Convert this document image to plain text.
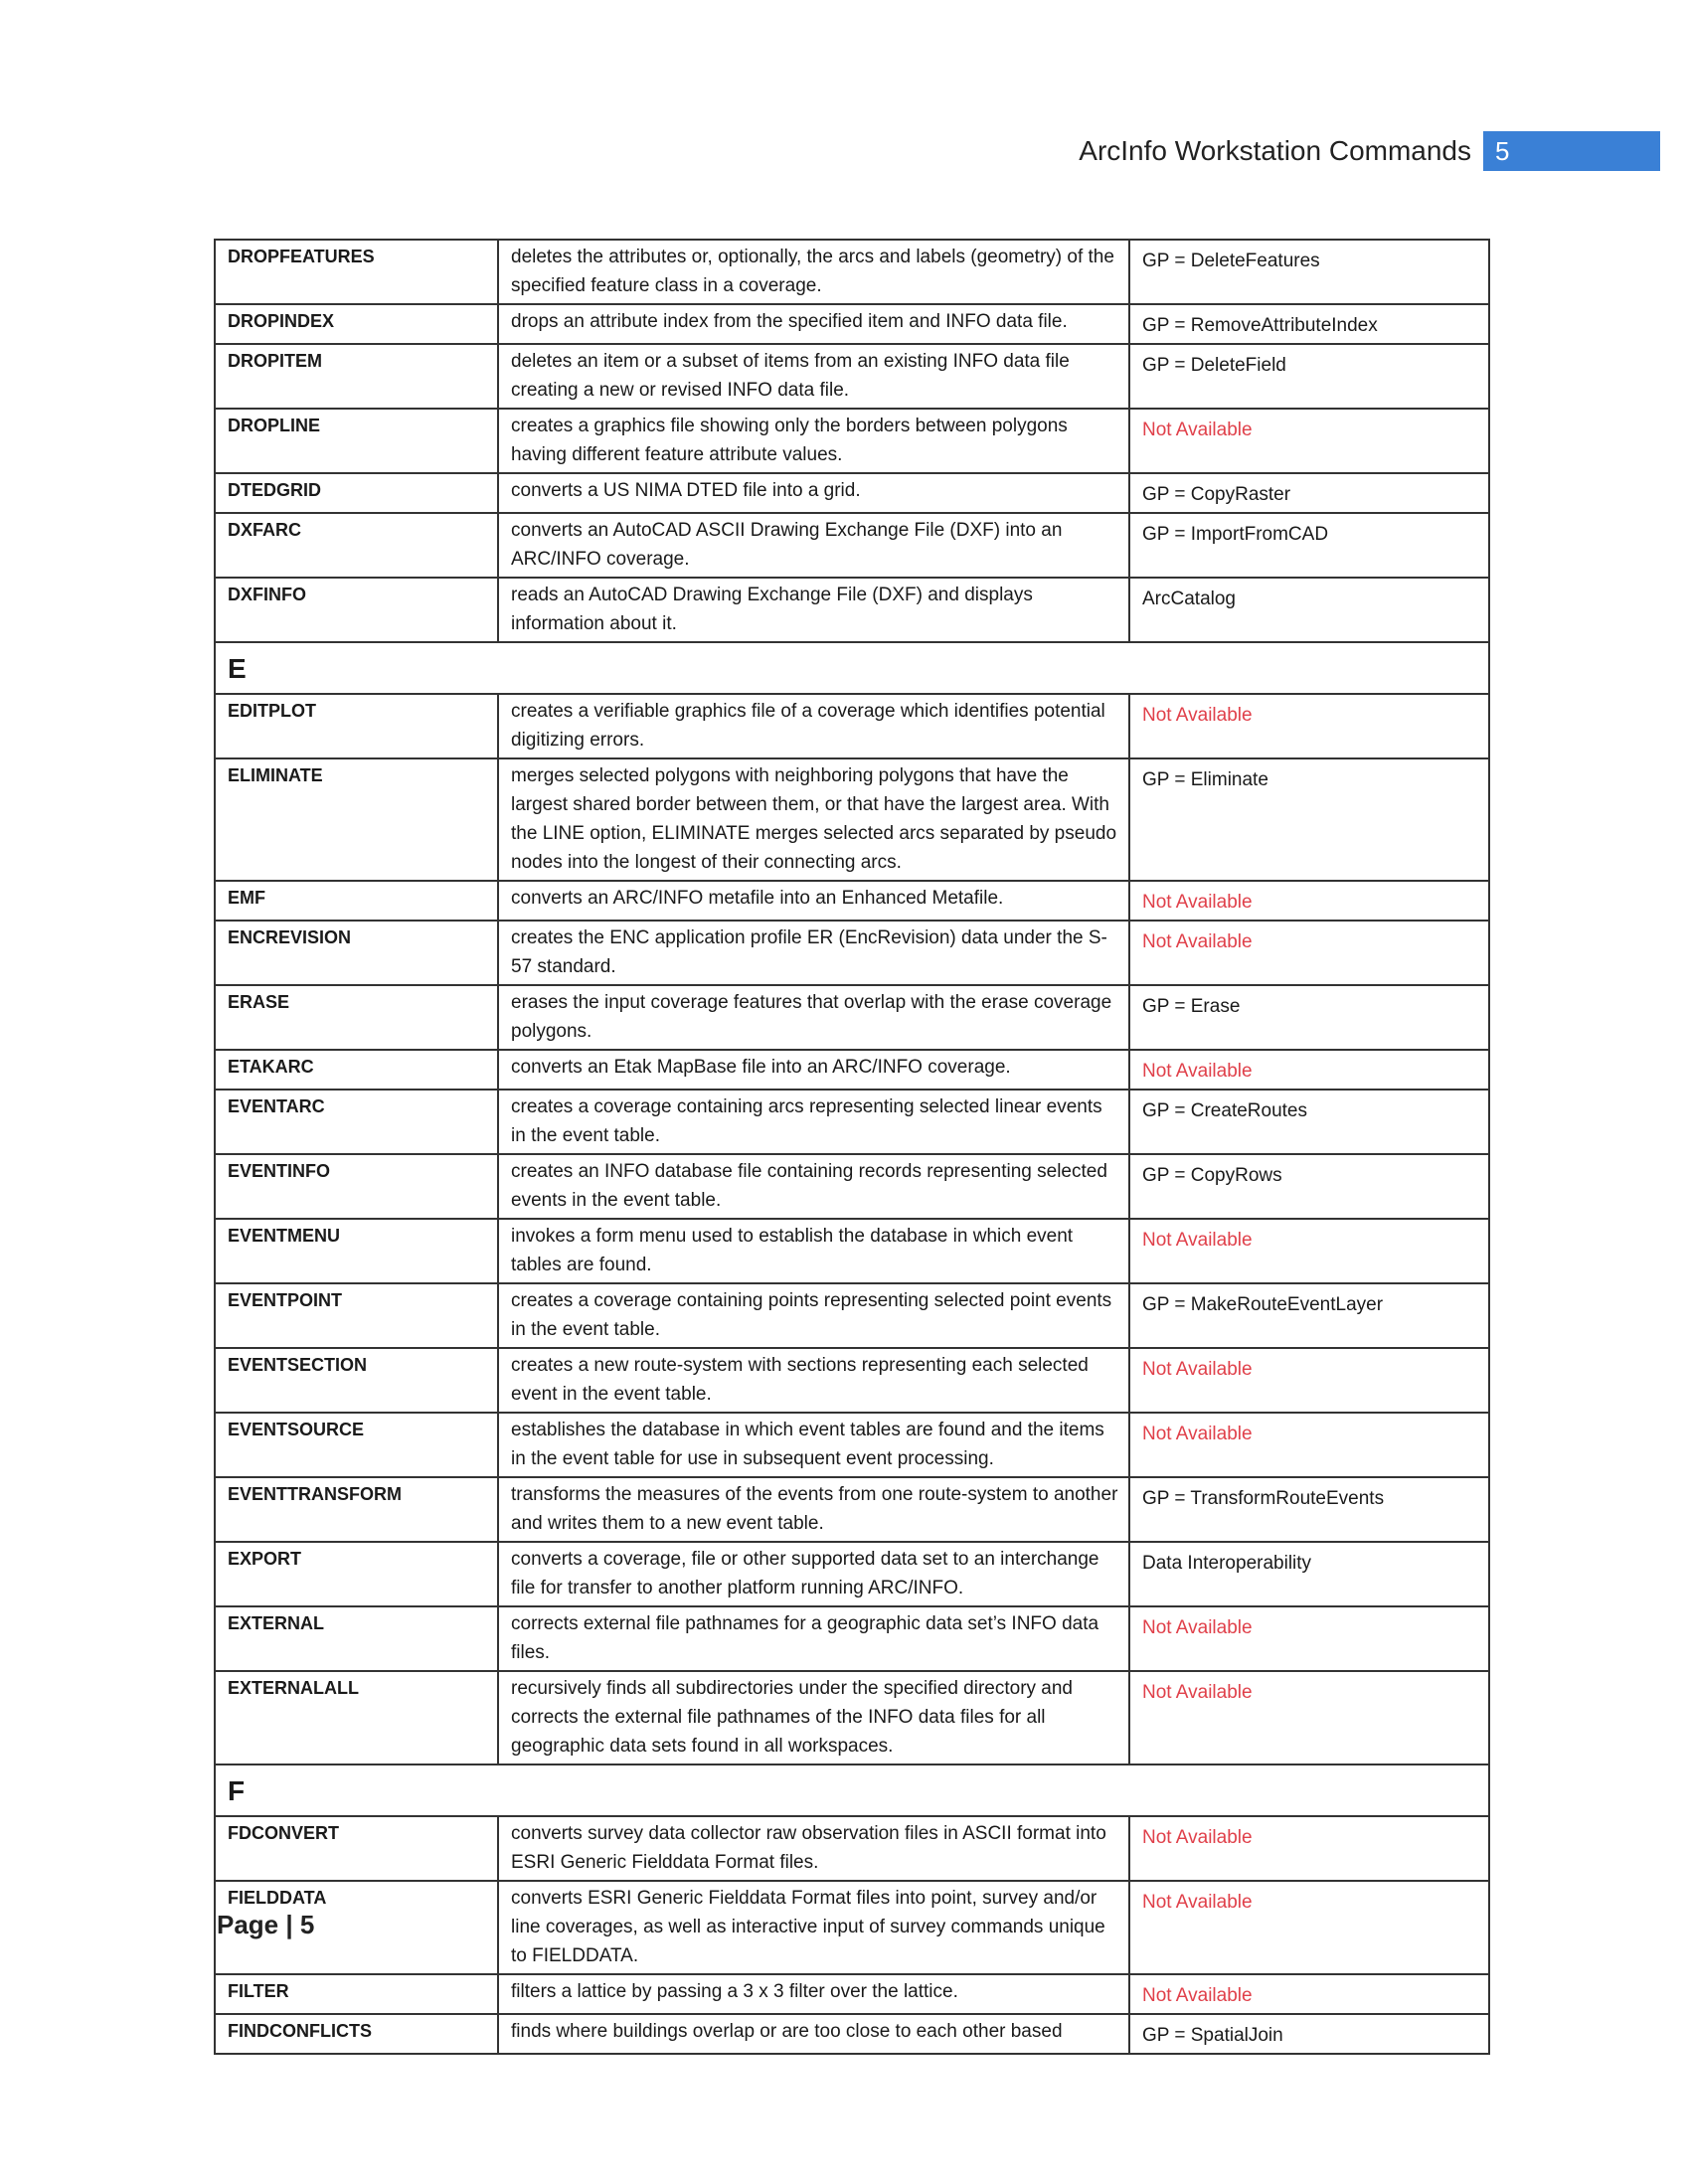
ArcInfo Workstation Commands 5
DROPFEATURES	deletes the attributes or, optionally, the arcs and labels (geometry) of the specified feature class in a coverage.	GP = DeleteFeatures
DROPINDEX	drops an attribute index from the specified item and INFO data file.	GP = RemoveAttributeIndex
DROPITEM	deletes an item or a subset of items from an existing INFO data file creating a new or revised INFO data file.	GP = DeleteField
DROPLINE	creates a graphics file showing only the borders between polygons having different feature attribute values.	Not Available
DTEDGRID	converts a US NIMA DTED file into a grid.	GP = CopyRaster
DXFARC	converts an AutoCAD ASCII Drawing Exchange File (DXF) into an ARC/INFO coverage.	GP = ImportFromCAD
DXFINFO	reads an AutoCAD Drawing Exchange File (DXF) and displays information about it.	ArcCatalog
E		
EDITPLOT	creates a verifiable graphics file of a coverage which identifies potential digitizing errors.	Not Available
ELIMINATE	merges selected polygons with neighboring polygons that have the largest shared border between them, or that have the largest area. With the LINE option, ELIMINATE merges selected arcs separated by pseudo nodes into the longest of their connecting arcs.	GP = Eliminate
EMF	converts an ARC/INFO metafile into an Enhanced Metafile.	Not Available
ENCREVISION	creates the ENC application profile ER (EncRevision) data under the S-57 standard.	Not Available
ERASE	erases the input coverage features that overlap with the erase coverage polygons.	GP = Erase
ETAKARC	converts an Etak MapBase file into an ARC/INFO coverage.	Not Available
EVENTARC	creates a coverage containing arcs representing selected linear events in the event table.	GP = CreateRoutes
EVENTINFO	creates an INFO database file containing records representing selected events in the event table.	GP = CopyRows
EVENTMENU	invokes a form menu used to establish the database in which event tables are found.	Not Available
EVENTPOINT	creates a coverage containing points representing selected point events in the event table.	GP = MakeRouteEventLayer
EVENTSECTION	creates a new route-system with sections representing each selected event in the event table.	Not Available
EVENTSOURCE	establishes the database in which event tables are found and the items in the event table for use in subsequent event processing.	Not Available
EVENTTRANSFORM	transforms the measures of the events from one route-system to another and writes them to a new event table.	GP = TransformRouteEvents
EXPORT	converts a coverage, file or other supported data set to an interchange file for transfer to another platform running ARC/INFO.	Data Interoperability
EXTERNAL	corrects external file pathnames for a geographic data set’s INFO data files.	Not Available
EXTERNALALL	recursively finds all subdirectories under the specified directory and corrects the external file pathnames of the INFO data files for all geographic data sets found in all workspaces.	Not Available
F		
FDCONVERT	converts survey data collector raw observation files in ASCII format into ESRI Generic Fielddata Format files.	Not Available
FIELDDATA	converts ESRI Generic Fielddata Format files into point, survey and/or line coverages, as well as interactive input of survey commands unique to FIELDDATA.	Not Available
FILTER	filters a lattice by passing a 3 x 3 filter over the lattice.	Not Available
FINDCONFLICTS	finds where buildings overlap or are too close to each other based	GP = SpatialJoin
Page | 5
